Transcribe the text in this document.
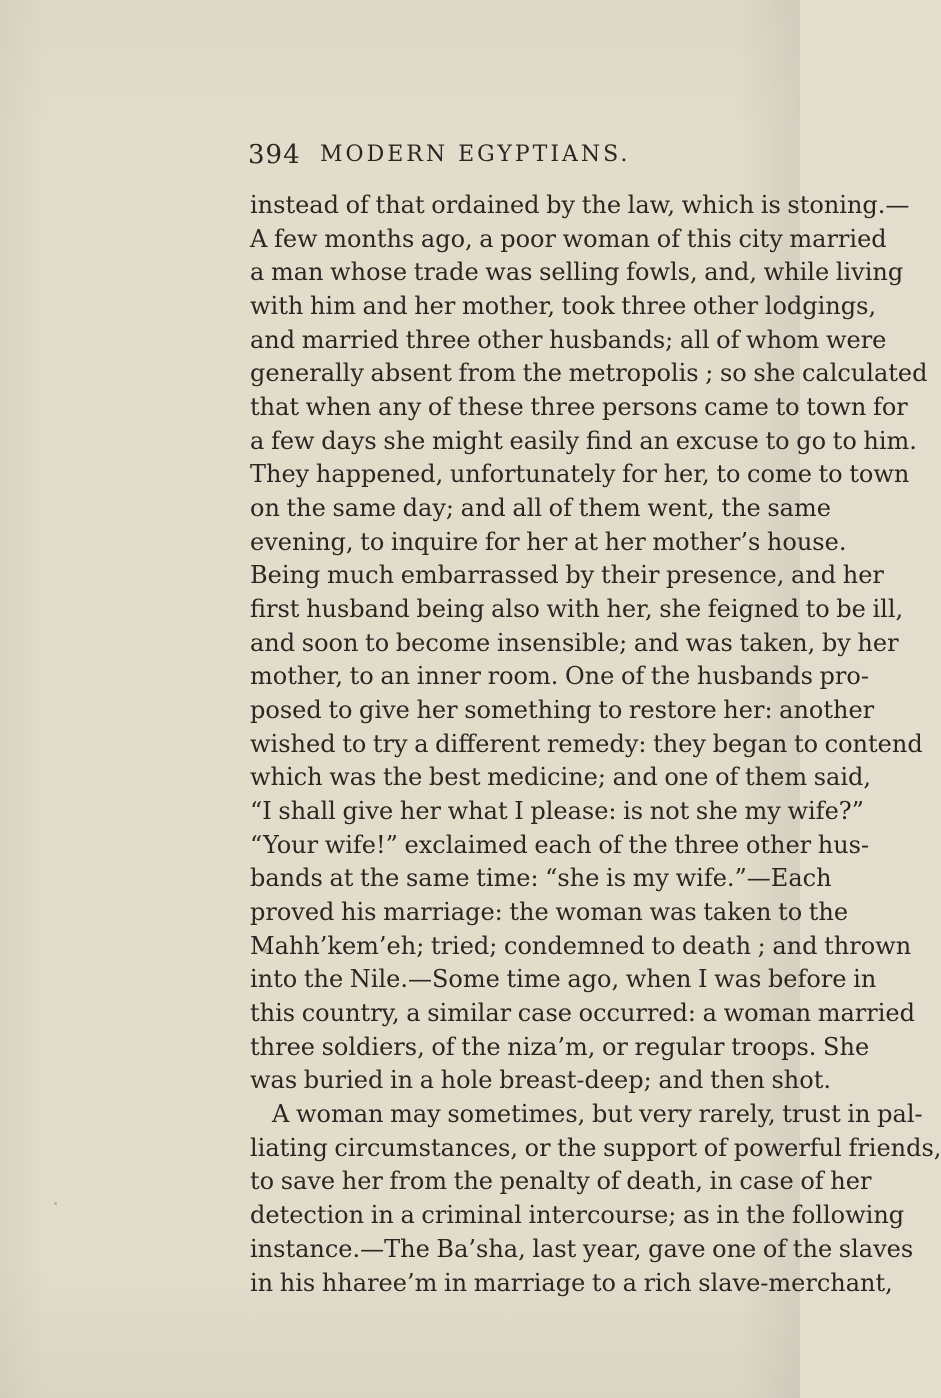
394 MODERN EGYPTIANS.
instead of that ordained by the law, which is stoning.—
A few months ago, a poor woman of this city married
a man whose trade was selling fowls, and, while living
with him and her mother, took three other lodgings,
and married three other husbands; all of whom were
generally absent from the metropolis ; so she calculated
that when any of these three persons came to town for
a few days she might easily find an excuse to go to him.
They happened, unfortunately for her, to come to town
on the same day; and all of them went, the same
evening, to inquire for her at her mother’s house.
Being much embarrassed by their presence, and her
first husband being also with her, she feigned to be ill,
and soon to become insensible; and was taken, by her
mother, to an inner room. One of the husbands pro-
posed to give her something to restore her: another
wished to try a different remedy: they began to contend
which was the best medicine; and one of them said,
“I shall give her what I please: is not she my wife?”
“Your wife!” exclaimed each of the three other hus-
bands at the same time: “she is my wife.”—Each
proved his marriage: the woman was taken to the
Mahh’kem’eh; tried; condemned to death ; and thrown
into the Nile.—Some time ago, when I was before in
this country, a similar case occurred: a woman married
three soldiers, of the niza’m, or regular troops. She
was buried in a hole breast-deep; and then shot.
A woman may sometimes, but very rarely, trust in pal-
liating circumstances, or the support of powerful friends,
to save her from the penalty of death, in case of her
detection in a criminal intercourse; as in the following
instance.—The Ba’sha, last year, gave one of the slaves
in his hharee’m in marriage to a rich slave-merchant,
